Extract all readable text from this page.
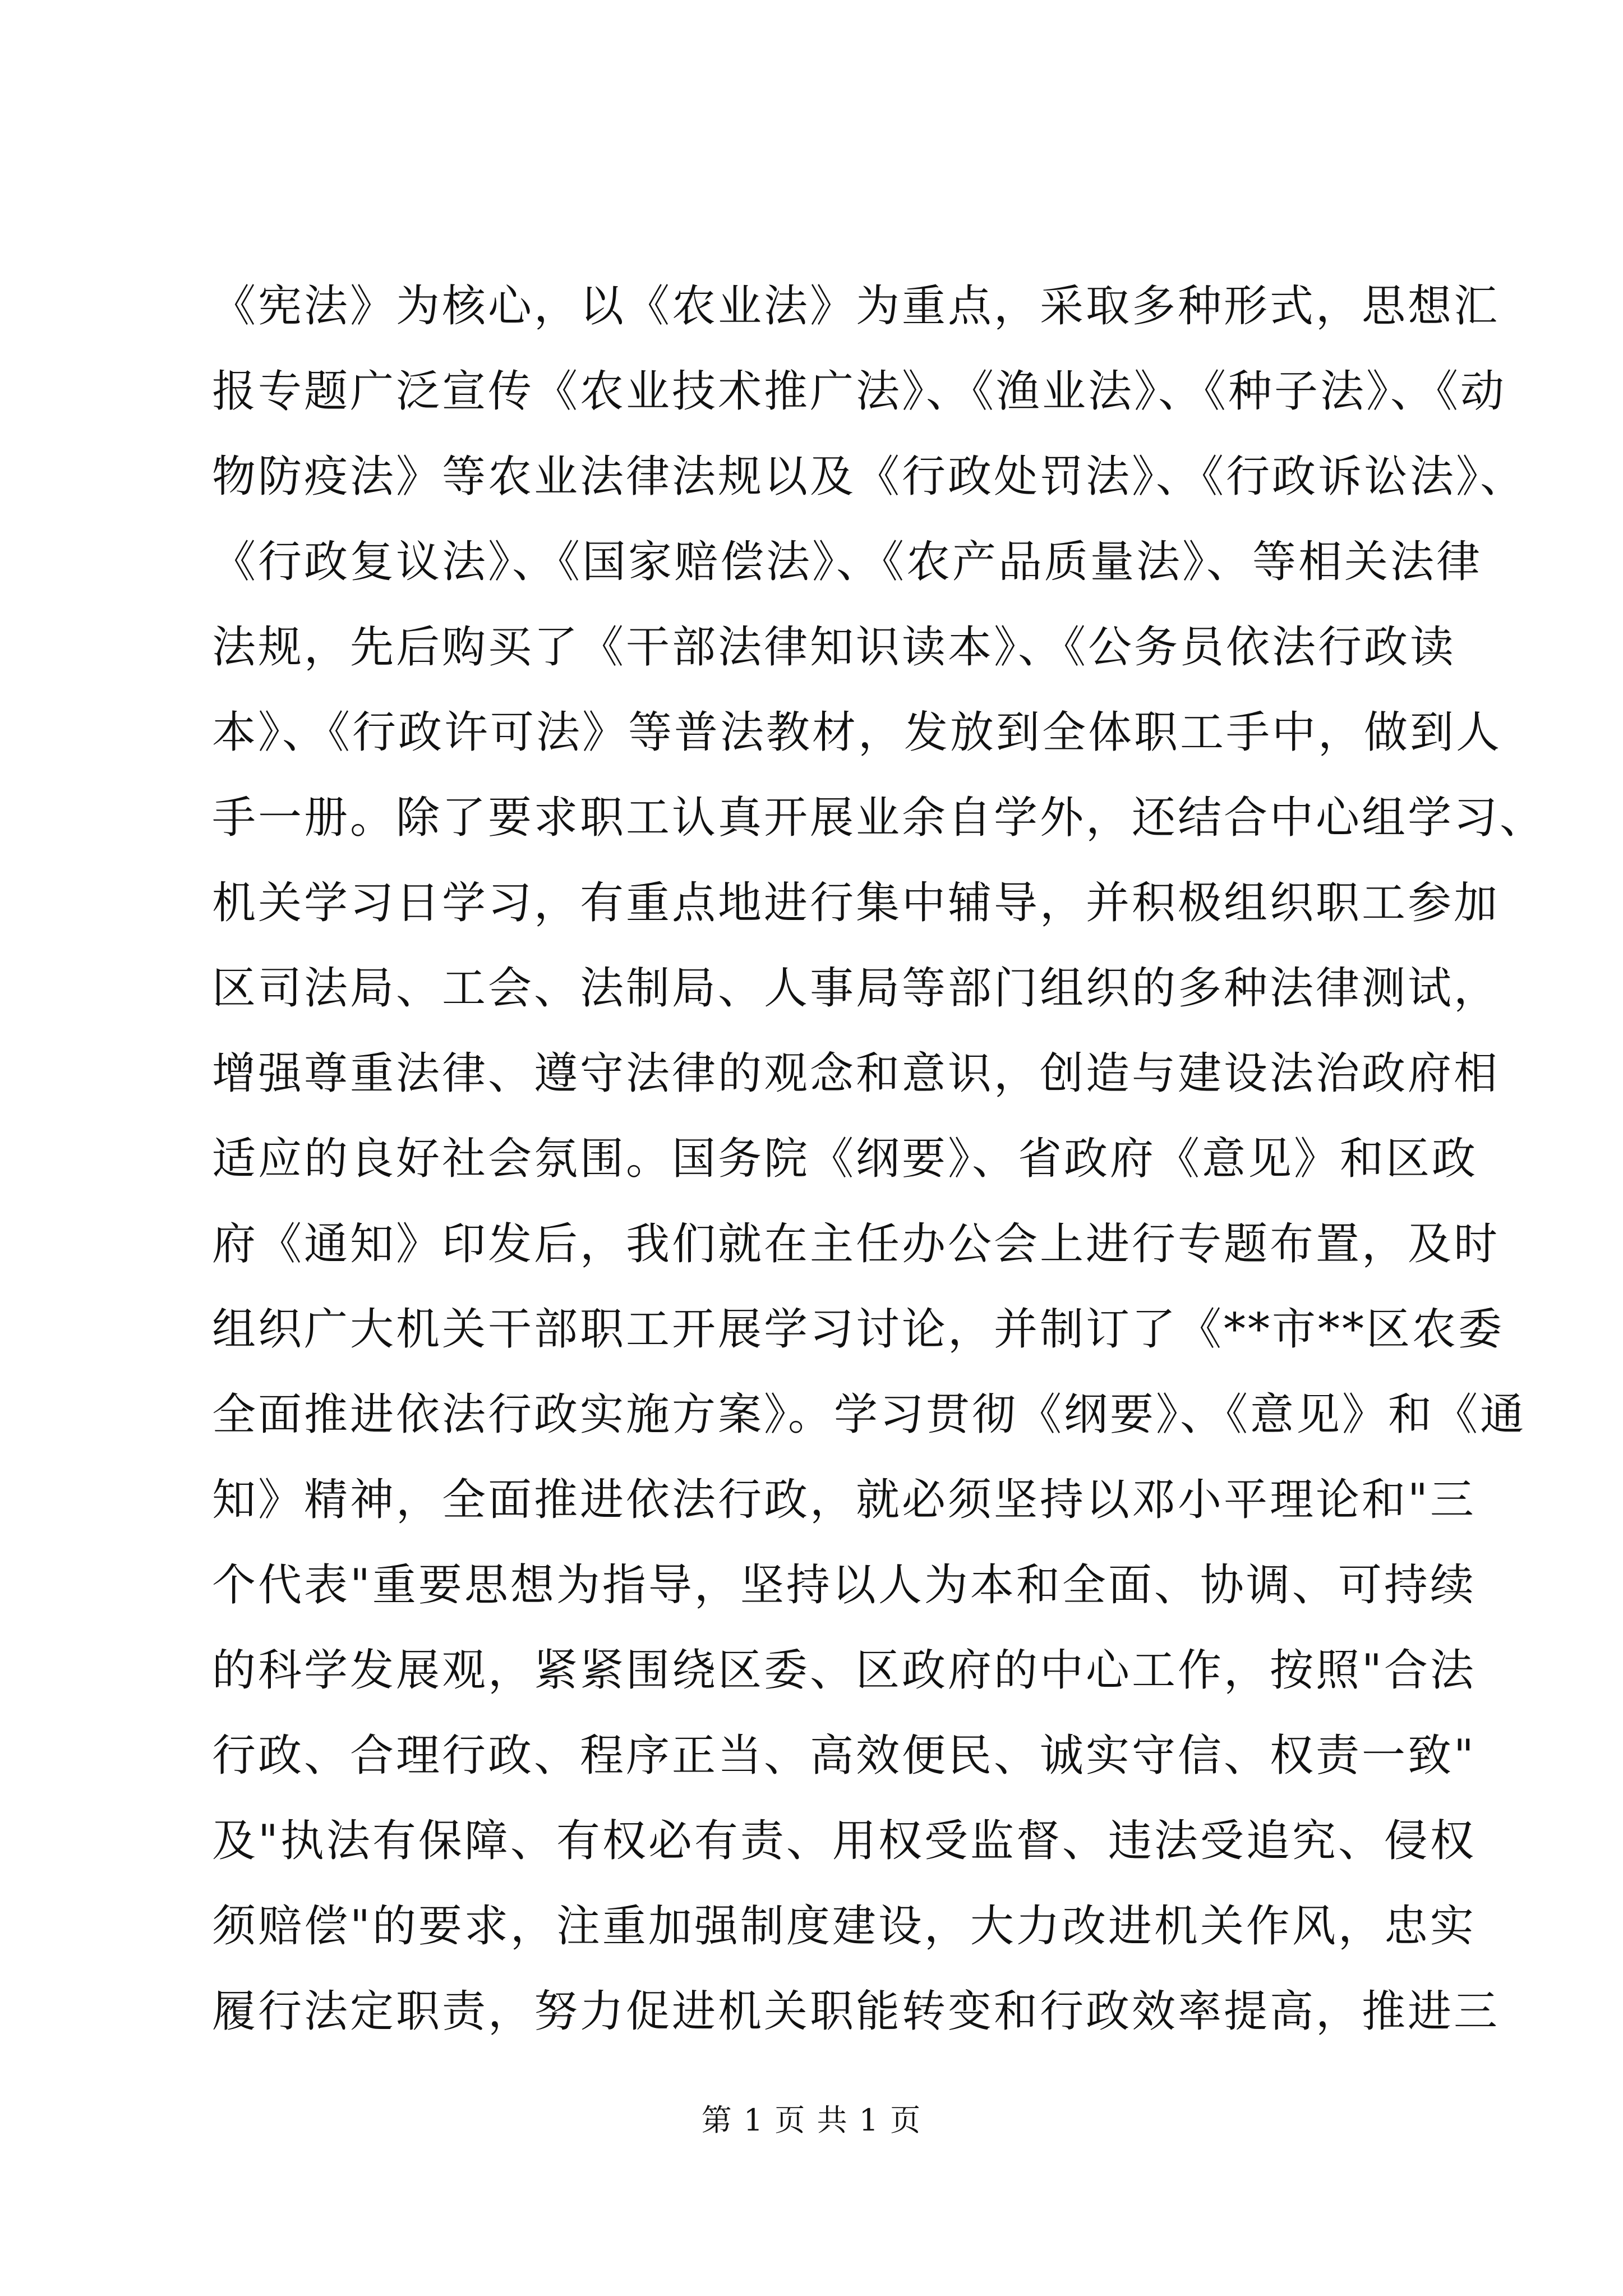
《宪法》为核心，以《农业法》为重点，采取多种形式，思想汇
报专题广泛宣传《农业技术推广法》、《渔业法》、《种子法》、《动
物防疫法》等农业法律法规以及《行政处罚法》、《行政诉讼法》、
《行政复议法》、《国家赔偿法》、《农产品质量法》、等相关法律
法规，先后购买了《干部法律知识读本》、《公务员依法行政读
本》、《行政许可法》等普法教材，发放到全体职工手中，做到人
手一册。除了要求职工认真开展业余自学外，还结合中心组学习、
机关学习日学习，有重点地进行集中辅导，并积极组织职工参加
区司法局、工会、法制局、人事局等部门组织的多种法律测试，
增强尊重法律、遵守法律的观念和意识，创造与建设法治政府相
适应的良好社会氛围。国务院《纲要》、省政府《意见》和区政
府《通知》印发后，我们就在主任办公会上进行专题布置，及时
组织广大机关干部职工开展学习讨论，并制订了《**市**区农委
全面推进依法行政实施方案》。学习贯彻《纲要》、《意见》和《通
知》精神，全面推进依法行政，就必须坚持以邓小平理论和"三
个代表"重要思想为指导，坚持以人为本和全面、协调、可持续
的科学发展观，紧紧围绕区委、区政府的中心工作，按照"合法
行政、合理行政、程序正当、高效便民、诚实守信、权责一致"
及"执法有保障、有权必有责、用权受监督、违法受追究、侵权
须赔偿"的要求，注重加强制度建设，大力改进机关作风，忠实
履行法定职责，努力促进机关职能转变和行政效率提高，推进三
第 1 页 共 1 页
